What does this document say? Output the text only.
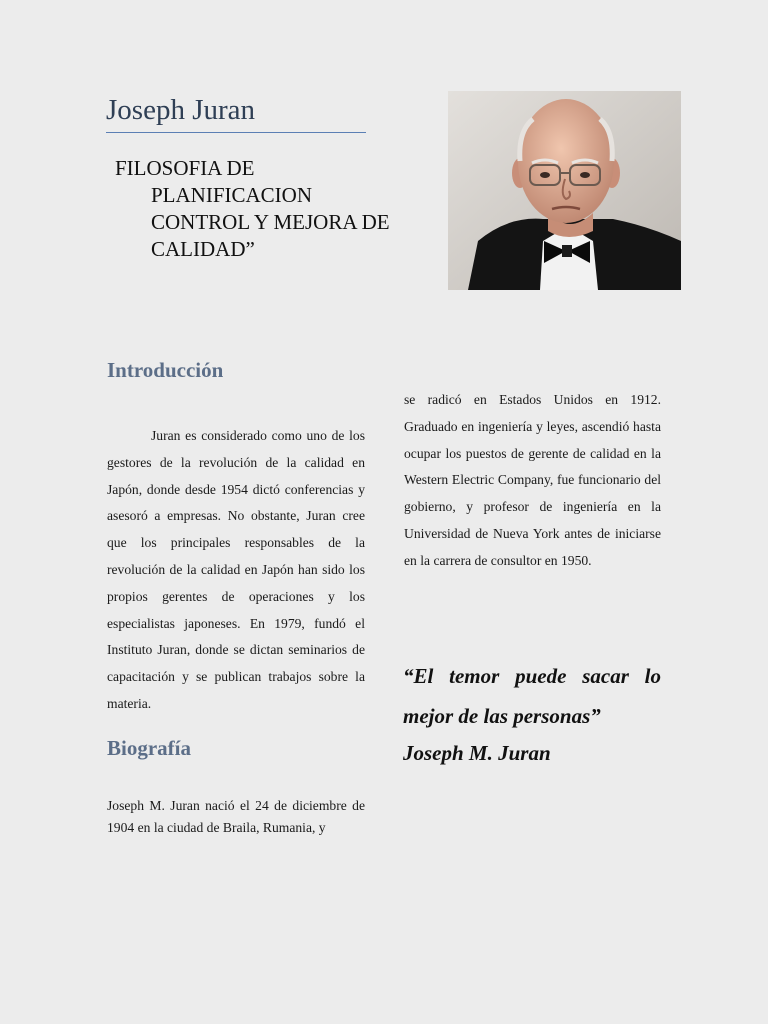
Joseph Juran
FILOSOFIA DE PLANIFICACION CONTROL Y MEJORA DE CALIDAD”
Introducción
Juran es considerado como uno de los gestores de la revolución de la calidad en Japón, donde desde 1954 dictó conferencias y asesoró a empresas. No obstante, Juran cree que los principales responsables de la revolución de la calidad en Japón han sido los propios gerentes de operaciones y los especialistas japoneses. En 1979, fundó el Instituto Juran, donde se dictan seminarios de capacitación y se publican trabajos sobre la materia.
Biografía
Joseph M. Juran nació el 24 de diciembre de 1904 en la ciudad de Braila, Rumania, y
se radicó en Estados Unidos en 1912. Graduado en ingeniería y leyes, ascendió hasta ocupar los puestos de gerente de calidad en la Western Electric Company, fue funcionario del gobierno, y profesor de ingeniería en la Universidad de Nueva York antes de iniciarse en la carrera de consultor en 1950.
“El temor puede sacar lo mejor de las personas”
Joseph M. Juran
